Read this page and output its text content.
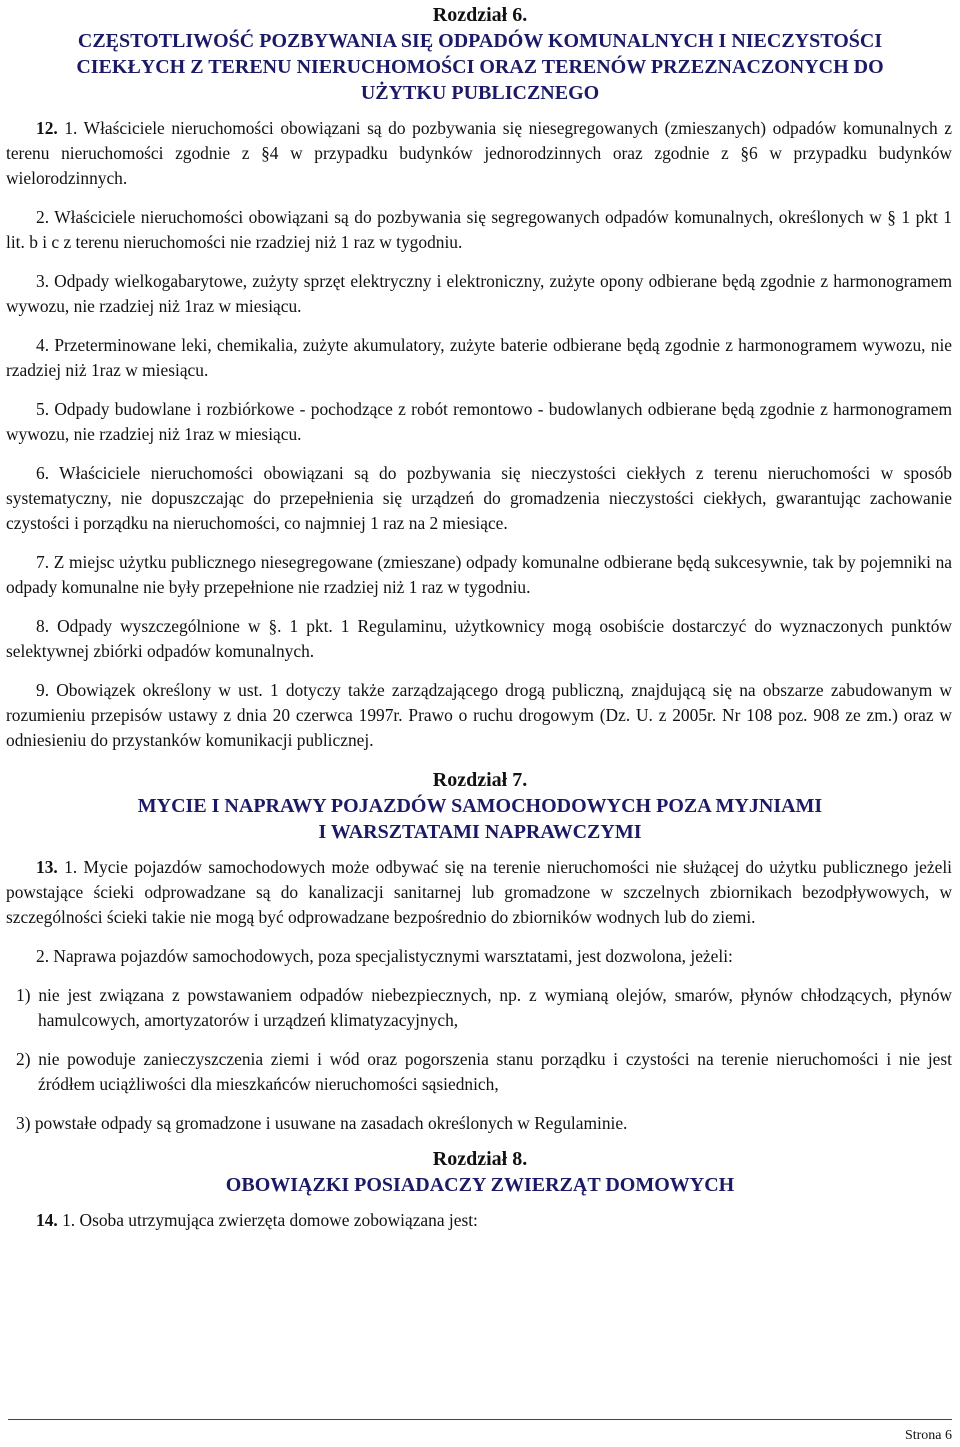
Rozdział 6.

CZĘSTOTLIWOŚĆ POZBYWANIA SIĘ ODPADÓW KOMUNALNYCH I NIECZYSTOŚCI

CIEKŁYCH Z TERENU NIERUCHOMOŚCI ORAZ TERENÓW PRZEZNACZONYCH DO

UŻYTKU PUBLICZNEGO

12. 1. Właściciele nieruchomości obowiązani są do pozbywania się niesegregowanych (zmieszanych) odpadów komunalnych z terenu nieruchomości zgodnie z §4 w przypadku budynków jednorodzinnych oraz zgodnie z §6 w przypadku budynków wielorodzinnych.

2. Właściciele nieruchomości obowiązani są do pozbywania się segregowanych odpadów komunalnych, określonych w § 1 pkt 1 lit. b i c z terenu nieruchomości nie rzadziej niż 1 raz w tygodniu.

3. Odpady wielkogabarytowe, zużyty sprzęt elektryczny i elektroniczny, zużyte opony odbierane będą zgodnie z harmonogramem wywozu, nie rzadziej niż 1raz w miesiącu.

4. Przeterminowane leki, chemikalia, zużyte akumulatory, zużyte baterie odbierane będą zgodnie z harmonogramem wywozu, nie rzadziej niż 1raz w miesiącu.

5. Odpady budowlane i rozbiórkowe - pochodzące z robót remontowo - budowlanych odbierane będą zgodnie z harmonogramem wywozu, nie rzadziej niż 1raz w miesiącu.

6. Właściciele nieruchomości obowiązani są do pozbywania się nieczystości ciekłych z terenu nieruchomości w sposób systematyczny, nie dopuszczając do przepełnienia się urządzeń do gromadzenia nieczystości ciekłych, gwarantując zachowanie czystości i porządku na nieruchomości, co najmniej 1 raz na 2 miesiące.

7. Z miejsc użytku publicznego niesegregowane (zmieszane) odpady komunalne odbierane będą sukcesywnie, tak by pojemniki na odpady komunalne nie były przepełnione nie rzadziej niż 1 raz w tygodniu.

8. Odpady wyszczególnione w §. 1 pkt. 1 Regulaminu, użytkownicy mogą osobiście dostarczyć do wyznaczonych punktów selektywnej zbiórki odpadów komunalnych.

9. Obowiązek określony w ust. 1 dotyczy także zarządzającego drogą publiczną, znajdującą się na obszarze zabudowanym w rozumieniu przepisów ustawy z dnia 20 czerwca 1997r. Prawo o ruchu drogowym (Dz. U. z 2005r. Nr 108 poz. 908 ze zm.) oraz w odniesieniu do przystanków komunikacji publicznej.

Rozdział 7.

MYCIE I NAPRAWY POJAZDÓW SAMOCHODOWYCH POZA MYJNIAMI

I WARSZTATAMI NAPRAWCZYMI

13. 1. Mycie pojazdów samochodowych może odbywać się na terenie nieruchomości nie służącej do użytku publicznego jeżeli powstające ścieki odprowadzane są do kanalizacji sanitarnej lub gromadzone w szczelnych zbiornikach bezodpływowych, w szczególności ścieki takie nie mogą być odprowadzane bezpośrednio do zbiorników wodnych lub do ziemi.

2. Naprawa pojazdów samochodowych, poza specjalistycznymi warsztatami, jest dozwolona, jeżeli:

1) nie jest związana z powstawaniem odpadów niebezpiecznych, np. z wymianą olejów, smarów, płynów chłodzących, płynów hamulcowych, amortyzatorów i urządzeń klimatyzacyjnych,

2) nie powoduje zanieczyszczenia ziemi i wód oraz pogorszenia stanu porządku i czystości na terenie nieruchomości i nie jest źródłem uciążliwości dla mieszkańców nieruchomości sąsiednich,

3) powstałe odpady są gromadzone i usuwane na zasadach określonych w Regulaminie.

Rozdział 8.

OBOWIĄZKI POSIADACZY ZWIERZĄT DOMOWYCH

14. 1. Osoba utrzymująca zwierzęta domowe zobowiązana jest:

Strona 6
